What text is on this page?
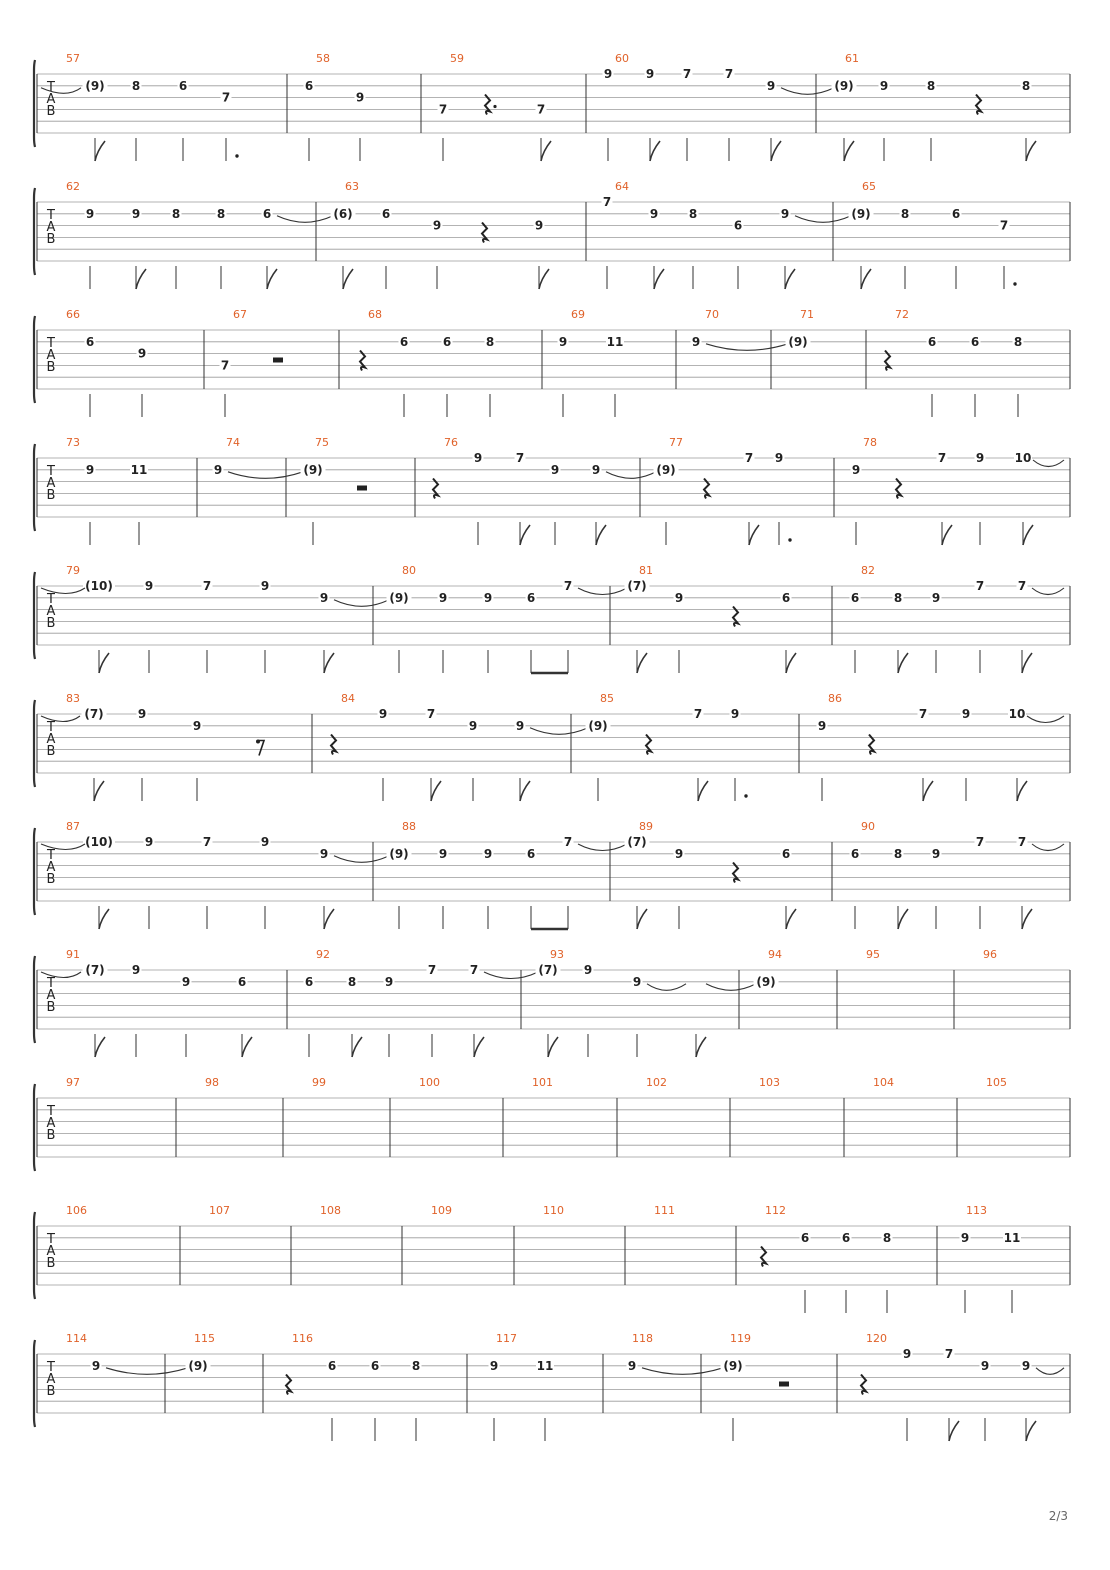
T
A
B
57
(9) 8	6
7
58
6
9
59
7	7
60
9	9 7	7
9
61
(9) 9	8	8
T
A
B
62
9	9	8	8	6
63
(6) 6
9	9
64
7
9	8
6
9
65
(9)	8	6
7
T
A
B
66
6
9
67
7
68
6	6	8
69
9	11
70
9
71
(9)
72
6	6	8
T
A
B
73
9	11
74
9
75
(9)
76
9	7
9	9
77
(9)
7 9
78
9
7 9	10
T
A
B
79
(10)	9	7	9
9
80
(9)	9	9	6
7
81
(7)
9	6
82
6	8 9
7	7
T
A
B
83
(7)	9
9
84
9	7
9	9
85
(9)
7 9
86
9
7	9	10
T
A
B
87
(10)	9	7	9
9
88
(9)	9	9	6
7
89
(7)
9	6
90
6	8 9
7	7
T
A
B
91
(7) 9
9	6
92
6	8 9
7	7
93
(7) 9
9
94
(9)
95	96
T
A
B
97	98	99	100	101	102	103	104	105
T
A
B
106	107	108	109	110	111	112
6	6	8
113
9	11
T
A
B
114
9
115
(9)
116
6	6	8
117
9	11
118
9
119
(9)
120
9	7
9	9
2/3
